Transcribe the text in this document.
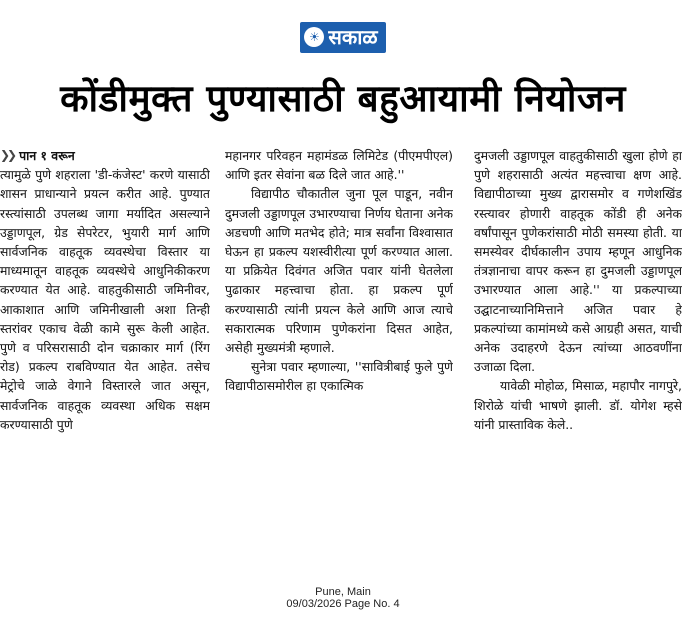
☀ सकाळ
कोंडीमुक्त पुण्यासाठी बहुआयामी नियोजन

❯❯ पान १ वरून

त्यामुळे पुणे शहराला 'डी-कंजेस्ट' करणे यासाठी शासन प्राधान्याने प्रयत्न करीत आहे. पुण्यात रस्त्यांसाठी उपलब्ध जागा मर्यादित असल्याने उड्डाणपूल, ग्रेड सेपरेटर, भुयारी मार्ग आणि सार्वजनिक वाहतूक व्यवस्थेचा विस्तार या माध्यमातून वाहतूक व्यवस्थेचे आधुनिकीकरण करण्यात येत आहे. वाहतुकीसाठी जमिनीवर, आकाशात आणि जमिनीखाली अशा तिन्ही स्तरांवर एकाच वेळी कामे सुरू केली आहेत. पुणे व परिसरासाठी दोन चक्राकार मार्ग (रिंग रोड) प्रकल्प राबविण्यात येत आहेत. तसेच मेट्रोचे जाळे वेगाने विस्तारले जात असून, सार्वजनिक वाहतूक व्यवस्था अधिक सक्षम करण्यासाठी पुणे

महानगर परिवहन महामंडळ लिमिटेड (पीएमपीएल) आणि इतर सेवांना बळ दिले जात आहे.''

विद्यापीठ चौकातील जुना पूल पाडून, नवीन दुमजली उड्डाणपूल उभारण्याचा निर्णय घेताना अनेक अडचणी आणि मतभेद होते; मात्र सर्वांना विश्वासात घेऊन हा प्रकल्प यशस्वीरीत्या पूर्ण करण्यात आला. या प्रक्रियेत दिवंगत अजित पवार यांनी घेतलेला पुढाकार महत्त्वाचा होता. हा प्रकल्प पूर्ण करण्यासाठी त्यांनी प्रयत्न केले आणि आज त्याचे सकारात्मक परिणाम पुणेकरांना दिसत आहेत, असेही मुख्यमंत्री म्हणाले.

सुनेत्रा पवार म्हणाल्या, ''सावित्रीबाई फुले पुणे विद्यापीठासमोरील हा एकात्मिक

दुमजली उड्डाणपूल वाहतुकीसाठी खुला होणे हा पुणे शहरासाठी अत्यंत महत्त्वाचा क्षण आहे. विद्यापीठाच्या मुख्य द्वारासमोर व गणेशखिंड रस्त्यावर होणारी वाहतूक कोंडी ही अनेक वर्षांपासून पुणेकरांसाठी मोठी समस्या होती. या समस्येवर दीर्घकालीन उपाय म्हणून आधुनिक तंत्रज्ञानाचा वापर करून हा दुमजली उड्डाणपूल उभारण्यात आला आहे.'' या प्रकल्पाच्या उद्घाटनाच्यानिमित्ताने अजित पवार हे प्रकल्पांच्या कामांमध्ये कसे आग्रही असत, याची अनेक उदाहरणे देऊन त्यांच्या आठवणींना उजाळा दिला.

यावेळी मोहोळ, मिसाळ, महापौर नागपुरे, शिरोळे यांची भाषणे झाली. डॉ. योगेश म्हसे यांनी प्रास्ताविक केले..

Pune, Main
09/03/2026 Page No. 4
